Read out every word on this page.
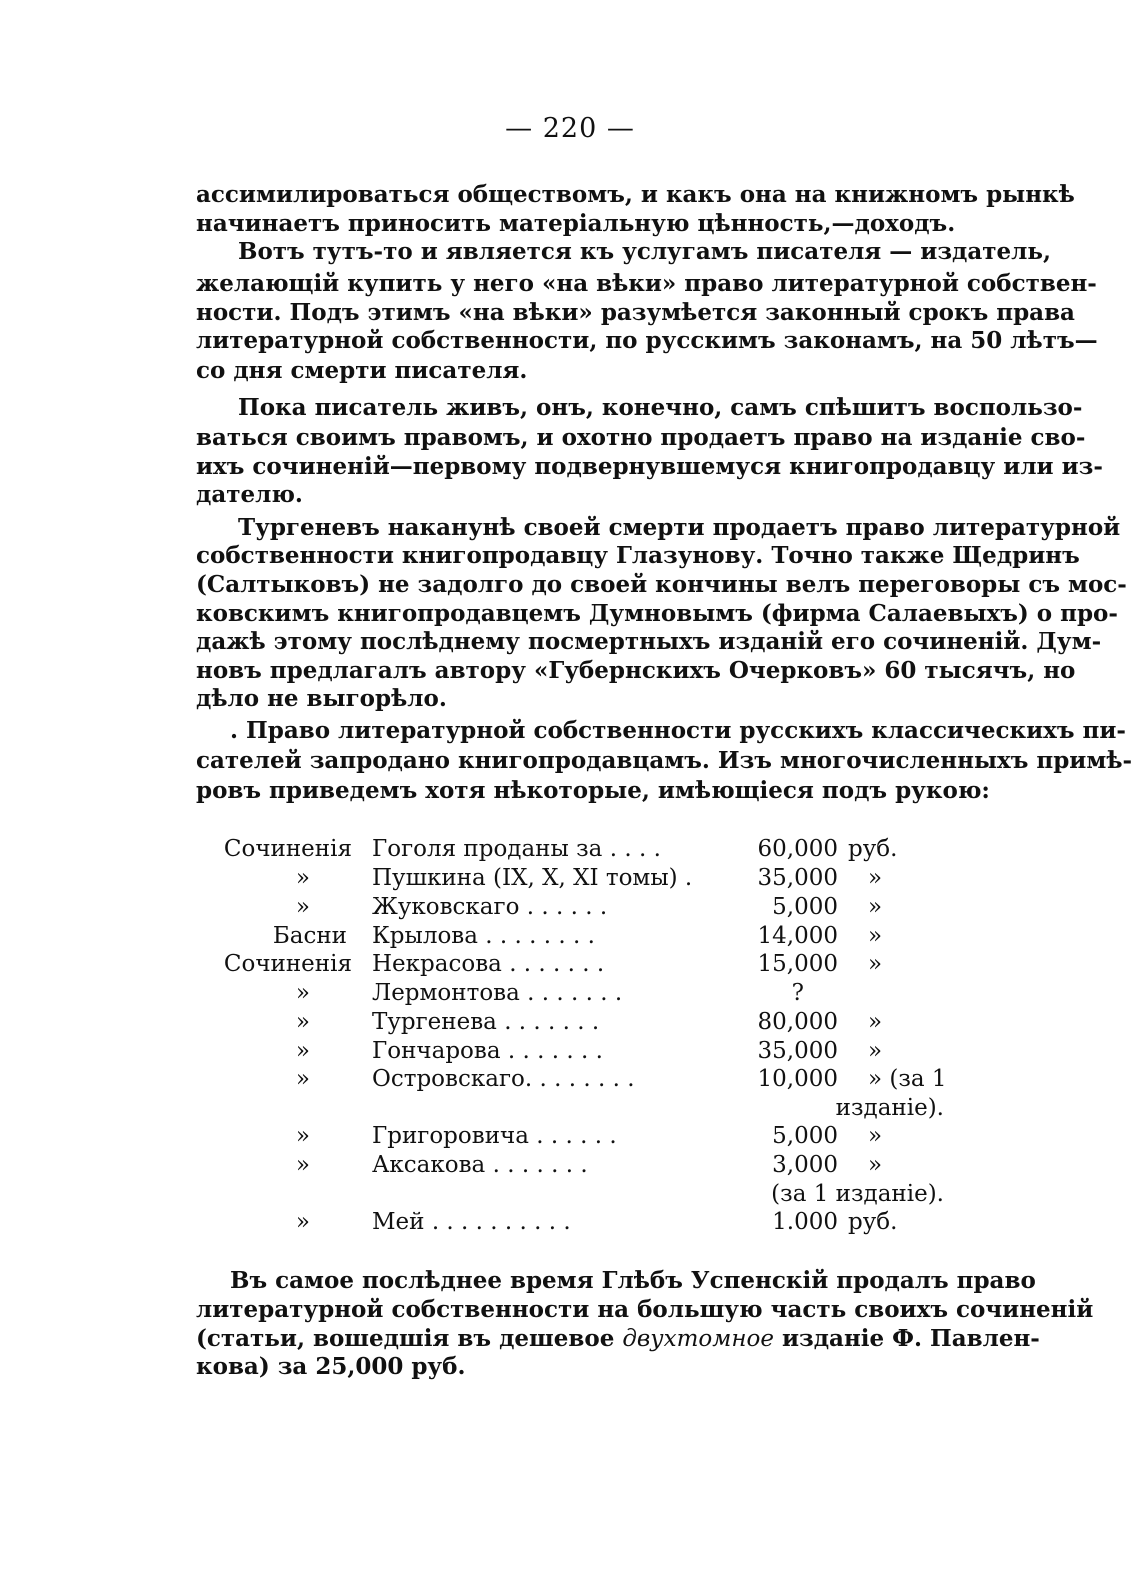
— 220 —
ассимилироваться обществомъ, и какъ она на книжномъ рынкѣ
начинаетъ приносить матеріальную цѣнность,—доходъ.
Вотъ тутъ-то и является къ услугамъ писателя — издатель,
желающій купить у него «на вѣки» право литературной собствен-
ности. Подъ этимъ «на вѣки» разумѣется законный срокъ права
литературной собственности, по русскимъ законамъ, на 50 лѣтъ—
со дня смерти писателя.
Пока писатель живъ, онъ, конечно, самъ спѣшитъ воспользо-
ваться своимъ правомъ, и охотно продаетъ право на изданіе сво-
ихъ сочиненій—первому подвернувшемуся книгопродавцу или из-
дателю.
Тургеневъ наканунѣ своей смерти продаетъ право литературной
собственности книгопродавцу Глазунову. Точно также Щедринъ
(Салтыковъ) не задолго до своей кончины велъ переговоры съ мос-
ковскимъ книгопродавцемъ Думновымъ (фирма Салаевыхъ) о про-
дажѣ этому послѣднему посмертныхъ изданій его сочиненій. Дум-
новъ предлагалъ автору «Губернскихъ Очерковъ» 60 тысячъ, но
дѣло не выгорѣло.
. Право литературной собственности русскихъ классическихъ пи-
сателей запродано книгопродавцамъ. Изъ многочисленныхъ примѣ-
ровъ приведемъ хотя нѣкоторые, имѣющіеся подъ рукою:
Сочиненія Гоголя проданы за . . . .	60,000 руб.
»	Пушкина (IX, X, XI томы) .	35,000 »
»	Жуковскаго . . . . . .	5,000 »
Басни Крылова . . . . . . . .	14,000 »
Сочиненія Некрасова . . . . . . .	15,000 »
»	Лермонтова . . . . . . .	?
»	Тургенева . . . . . . .	80,000 »
»	Гончарова . . . . . . .	35,000 »
»	Островскаго. . . . . . . .	10,000 » (за 1
изданіе).
»	Григоровича . . . . . .	5,000 »
»	Аксакова . . . . . . .	3,000 »
(за 1 изданіе).
»	Мей . . . . . . . . . .	1.000 руб.
Въ самое послѣднее время Глѣбъ Успенскій продалъ право
литературной собственности на большую часть своихъ сочиненій
(статьи, вошедшія въ дешевое двухтомное изданіе Ф. Павлен-
кова) за 25,000 руб.
